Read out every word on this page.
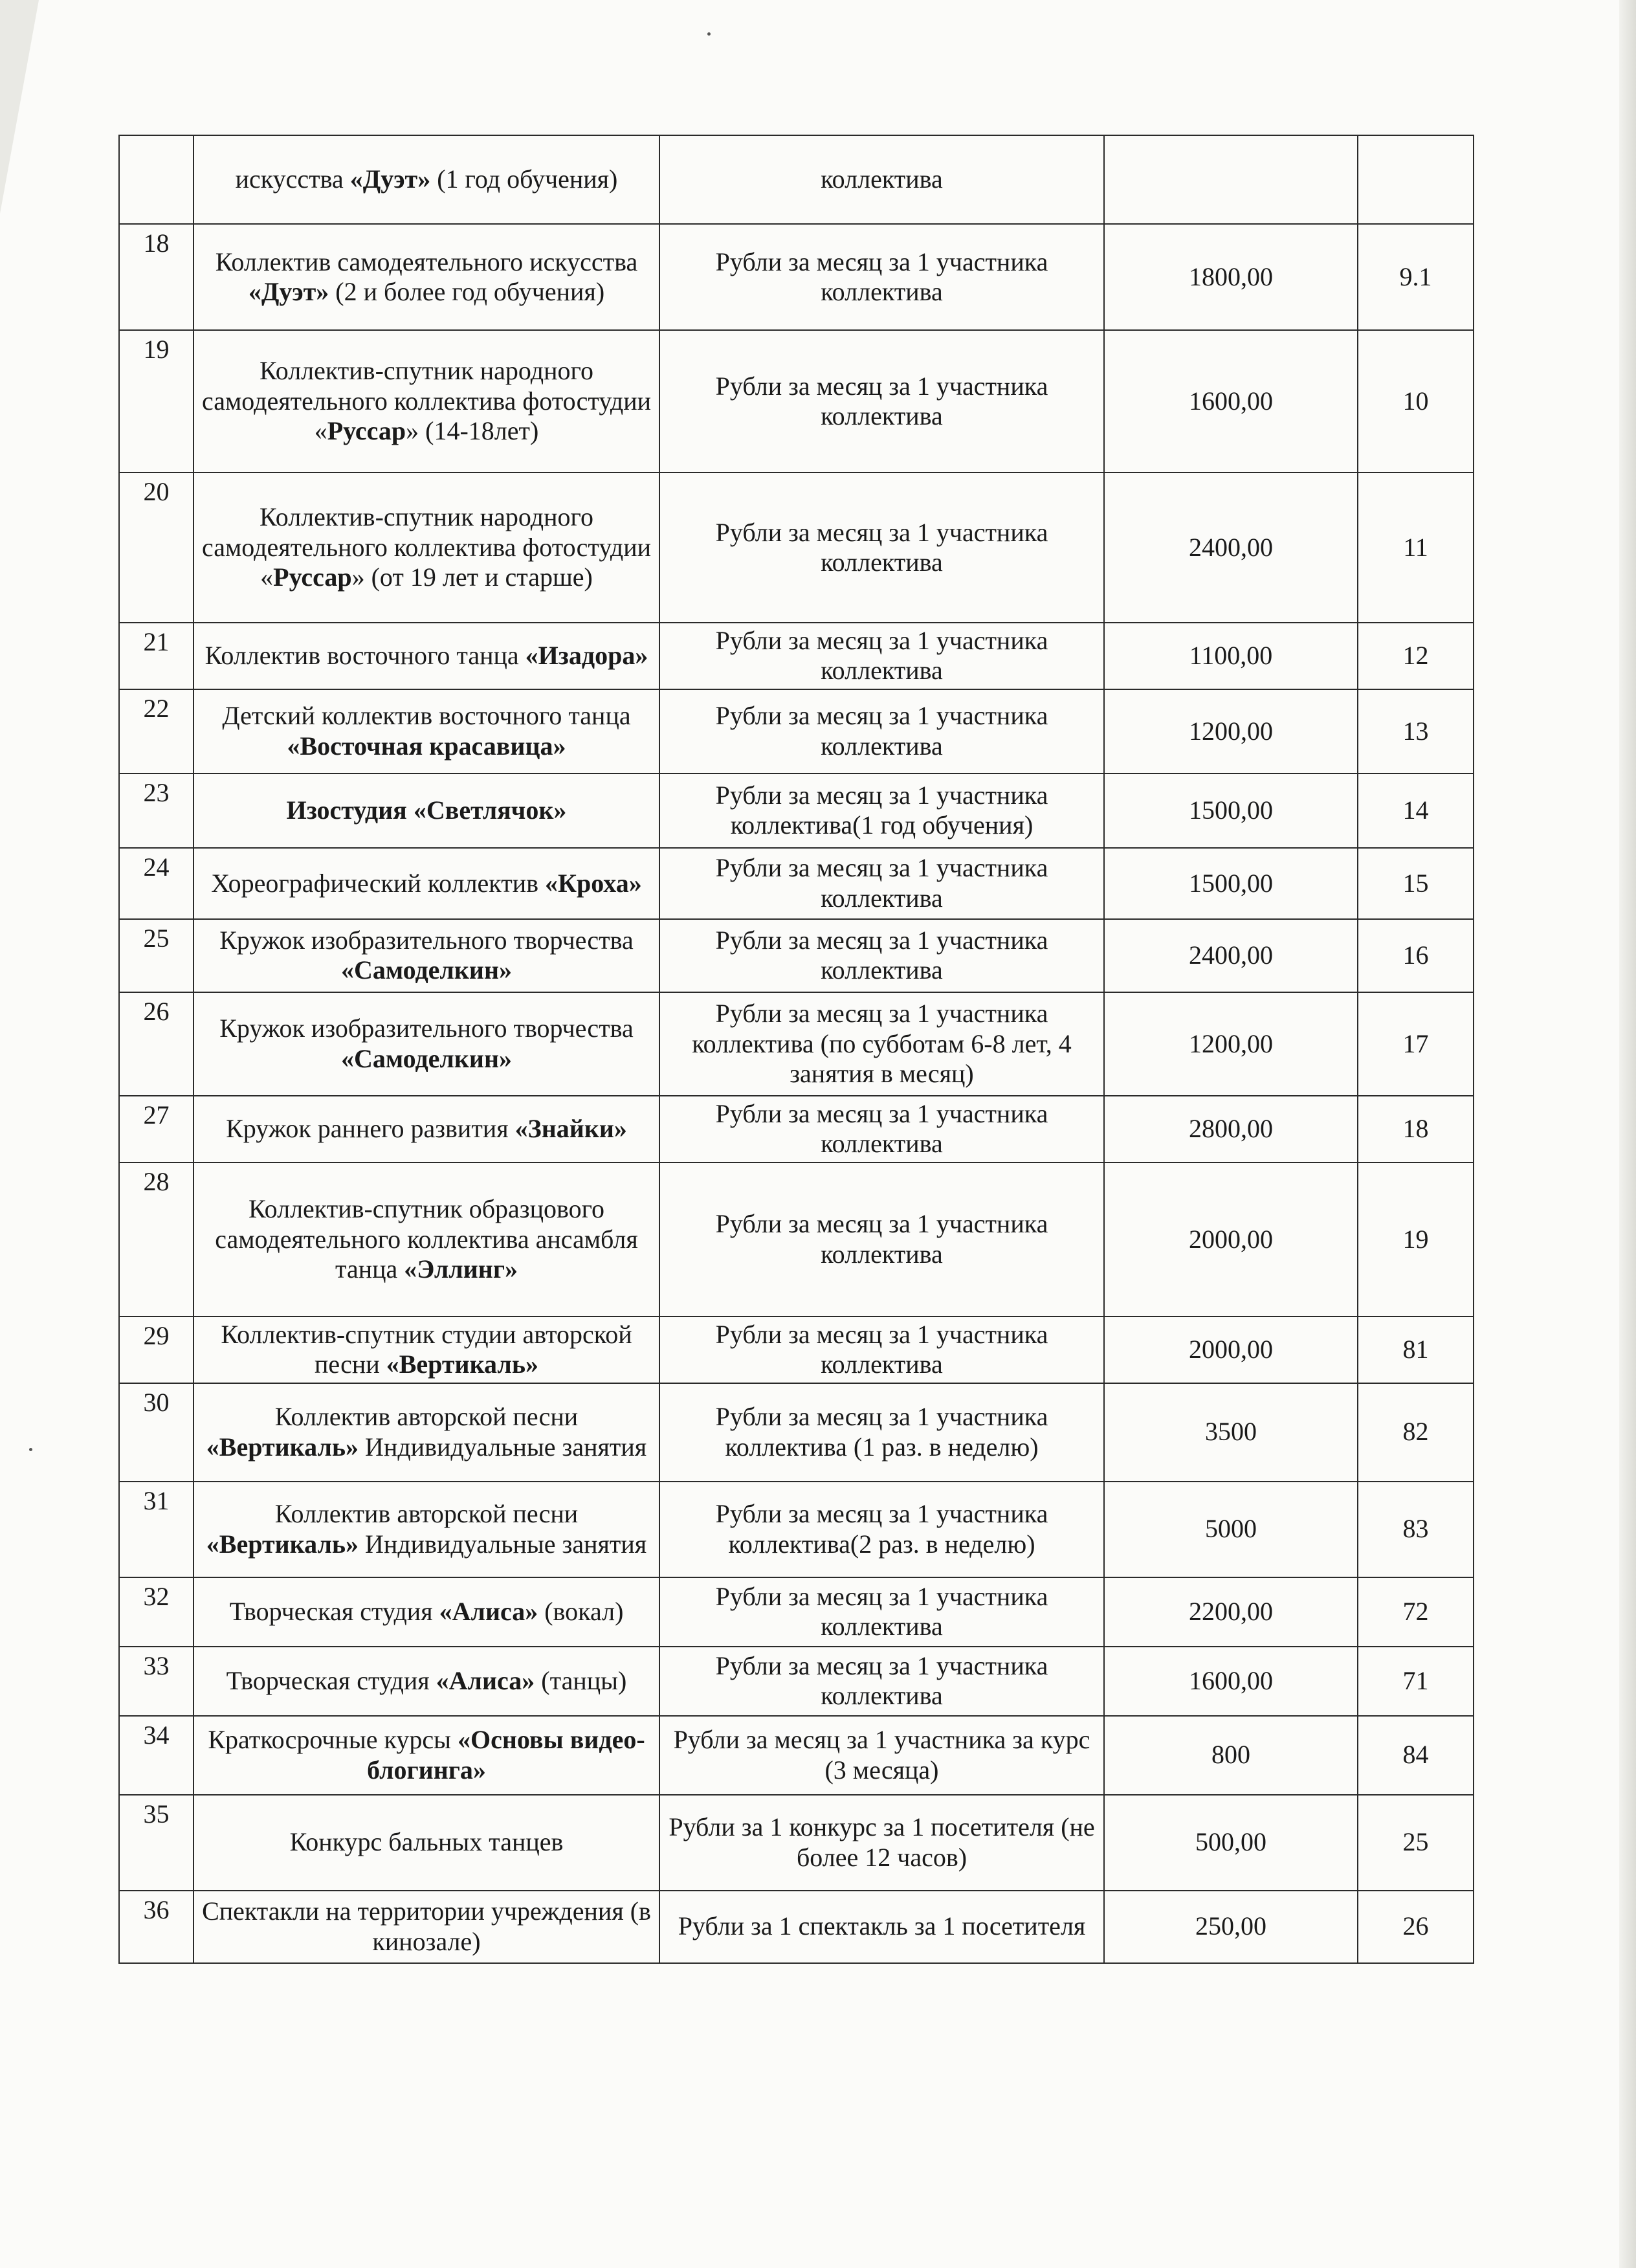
	искусства «Дуэт» (1 год обучения)	коллектива		
18	Коллектив самодеятельного искусства «Дуэт» (2 и более год обучения)	Рубли за месяц за 1 участника коллектива	1800,00	9.1
19	Коллектив-спутник народного самодеятельного коллектива фотостудии «Руссар» (14-18лет)	Рубли за месяц за 1 участника коллектива	1600,00	10
20	Коллектив-спутник народного самодеятельного коллектива фотостудии «Руссар» (от 19 лет и старше)	Рубли за месяц за 1 участника коллектива	2400,00	11
21	Коллектив восточного танца «Изадора»	Рубли за месяц за 1 участника коллектива	1100,00	12
22	Детский коллектив восточного танца «Восточная красавица»	Рубли за месяц за 1 участника коллектива	1200,00	13
23	Изостудия «Светлячок»	Рубли за месяц за 1 участника коллектива(1 год обучения)	1500,00	14
24	Хореографический коллектив «Кроха»	Рубли за месяц за 1 участника коллектива	1500,00	15
25	Кружок изобразительного творчества «Самоделкин»	Рубли за месяц за 1 участника коллектива	2400,00	16
26	Кружок изобразительного творчества «Самоделкин»	Рубли за месяц за 1 участника коллектива (по субботам 6-8 лет, 4 занятия в месяц)	1200,00	17
27	Кружок раннего развития «Знайки»	Рубли за месяц за 1 участника коллектива	2800,00	18
28	Коллектив-спутник образцового самодеятельного коллектива ансамбля танца «Эллинг»	Рубли за месяц за 1 участника коллектива	2000,00	19
29	Коллектив-спутник студии авторской песни «Вертикаль»	Рубли за месяц за 1 участника коллектива	2000,00	81
30	Коллектив авторской песни «Вертикаль» Индивидуальные занятия	Рубли за месяц за 1 участника коллектива (1 раз. в неделю)	3500	82
31	Коллектив авторской песни «Вертикаль» Индивидуальные занятия	Рубли за месяц за 1 участника коллектива(2 раз. в неделю)	5000	83
32	Творческая студия «Алиса» (вокал)	Рубли за месяц за 1 участника коллектива	2200,00	72
33	Творческая студия «Алиса» (танцы)	Рубли за месяц за 1 участника коллектива	1600,00	71
34	Краткосрочные курсы «Основы видео-блогинга»	Рубли за месяц за 1 участника за курс (3 месяца)	800	84
35	Конкурс бальных танцев	Рубли за 1 конкурс за 1 посетителя (не более 12 часов)	500,00	25
36	Спектакли на территории учреждения (в кинозале)	Рубли за 1 спектакль за 1 посетителя	250,00	26
